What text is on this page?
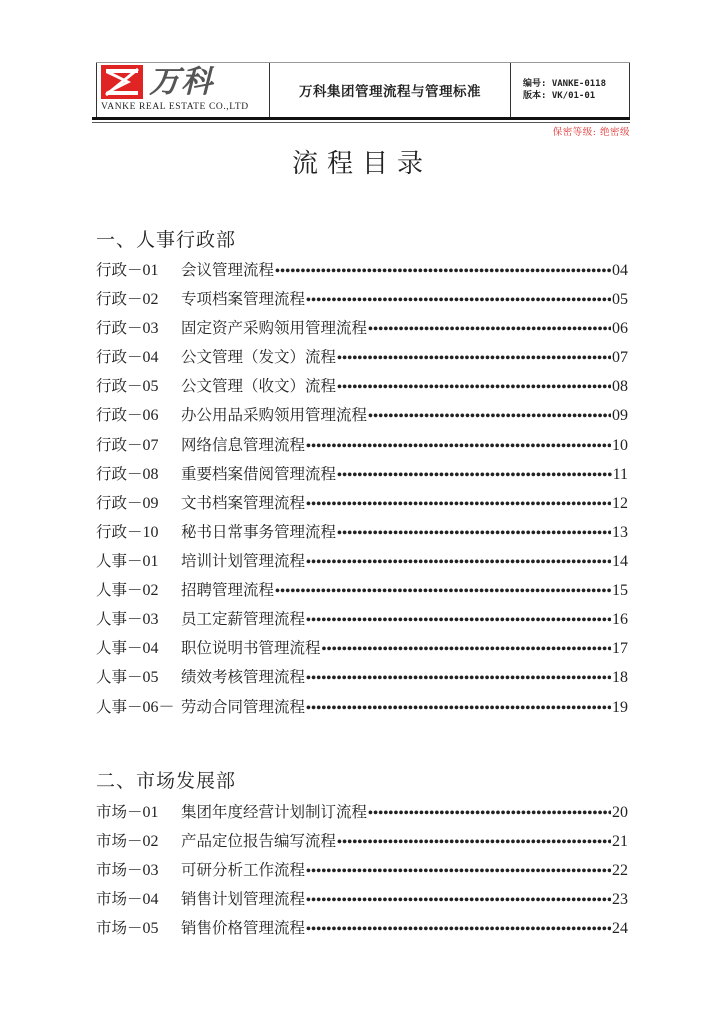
万科
VANKE REAL ESTATE CO.,LTD
万科集团管理流程与管理标准	编号: VANKE-0118
版本: VK/01-01
保密等级: 绝密级
流程目录
一、人事行政部
行政－01	会议管理流程 •••••	04
行政－02	专项档案管理流程 •••••	05
行政－03	固定资产采购领用管理流程 •••••	06
行政－04	公文管理（发文）流程 •••••	07
行政－05	公文管理（收文）流程 •••••	08
行政－06	办公用品采购领用管理流程 •••••	09
行政－07	网络信息管理流程 •••••	10
行政－08	重要档案借阅管理流程 •••••	11
行政－09	文书档案管理流程 •••••	12
行政－10	秘书日常事务管理流程 •••••	13
人事－01	培训计划管理流程 •••••	14
人事－02	招聘管理流程 •••••	15
人事－03	员工定薪管理流程 •••••	16
人事－04	职位说明书管理流程 •••••	17
人事－05	绩效考核管理流程 •••••	18
人事－06－ 劳动合同管理流程 •••••	19
二、市场发展部
市场－01	集团年度经营计划制订流程 •••••	20
市场－02	产品定位报告编写流程 •••••	21
市场－03	可研分析工作流程 •••••	22
市场－04	销售计划管理流程 •••••	23
市场－05	销售价格管理流程 •••••	24
